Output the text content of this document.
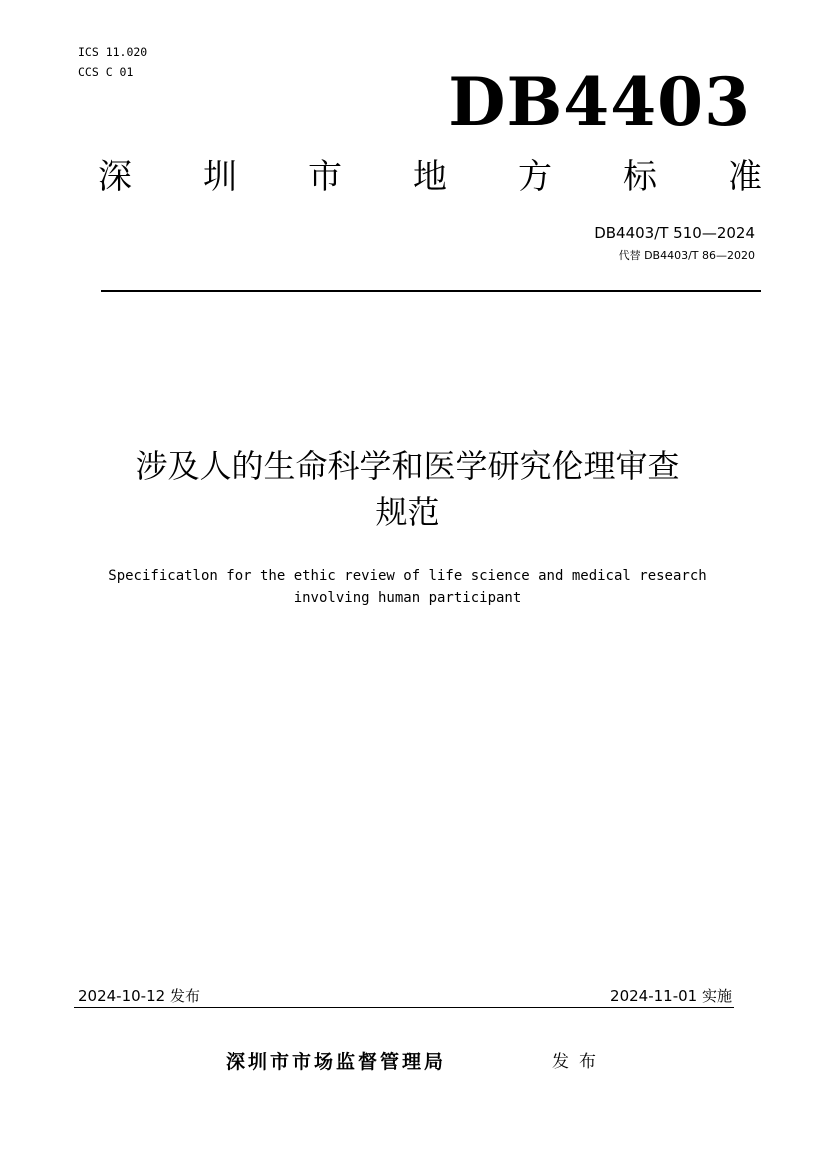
ICS 11.020
CCS C 01	DB4403
深 圳 市 地 方 标 准
DB4403/T 510—2024
代替 DB4403/T 86—2020
涉及人的生命科学和医学研究伦理审查
规范
Specificatlon for the ethic review of life science and medical research
involving human participant
2024-10-12 发布	2024-11-01 实施
深圳市市场监督管理局	发布
